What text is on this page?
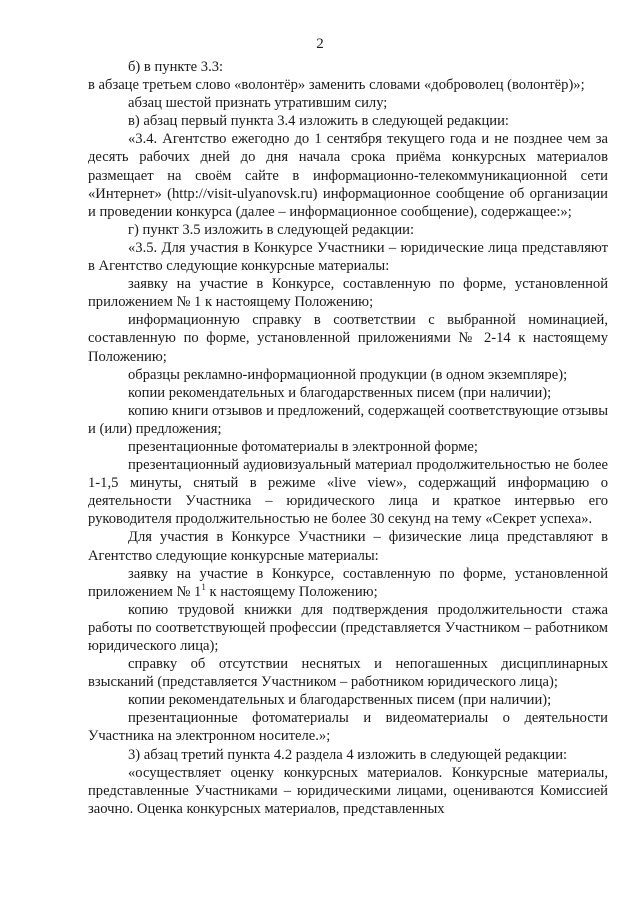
2

б) в пункте 3.3:

в абзаце третьем слово «волонтёр» заменить словами «доброволец (волонтёр)»;

абзац шестой признать утратившим силу;

в) абзац первый пункта 3.4 изложить в следующей редакции:

«3.4. Агентство ежегодно до 1 сентября текущего года и не позднее чем за десять рабочих дней до дня начала срока приёма конкурсных материалов размещает на своём сайте в информационно-телекоммуникационной сети «Интернет» (http://visit-ulyanovsk.ru) информационное сообщение об организации и проведении конкурса (далее – информационное сообщение), содержащее:»;

г) пункт 3.5 изложить в следующей редакции:

«3.5. Для участия в Конкурсе Участники – юридические лица представляют в Агентство следующие конкурсные материалы:

заявку на участие в Конкурсе, составленную по форме, установленной приложением № 1 к настоящему Положению;

информационную справку в соответствии с выбранной номинацией, составленную по форме, установленной приложениями № 2-14 к настоящему Положению;

образцы рекламно-информационной продукции (в одном экземпляре);

копии рекомендательных и благодарственных писем (при наличии);

копию книги отзывов и предложений, содержащей соответствующие отзывы и (или) предложения;

презентационные фотоматериалы в электронной форме;

презентационный аудиовизуальный материал продолжительностью не более 1-1,5 минуты, снятый в режиме «live view», содержащий информацию о деятельности Участника – юридического лица и краткое интервью его руководителя продолжительностью не более 30 секунд на тему «Секрет успеха».

Для участия в Конкурсе Участники – физические лица представляют в Агентство следующие конкурсные материалы:

заявку на участие в Конкурсе, составленную по форме, установленной приложением № $1^1$ к настоящему Положению;

копию трудовой книжки для подтверждения продолжительности стажа работы по соответствующей профессии (представляется Участником – работником юридического лица);

справку об отсутствии неснятых и непогашенных дисциплинарных взысканий (представляется Участником – работником юридического лица);

копии рекомендательных и благодарственных писем (при наличии);

презентационные фотоматериалы и видеоматериалы о деятельности Участника на электронном носителе.»;

3) абзац третий пункта 4.2 раздела 4 изложить в следующей редакции:

«осуществляет оценку конкурсных материалов. Конкурсные материалы, представленные Участниками – юридическими лицами, оцениваются Комиссией заочно. Оценка конкурсных материалов, представленных
